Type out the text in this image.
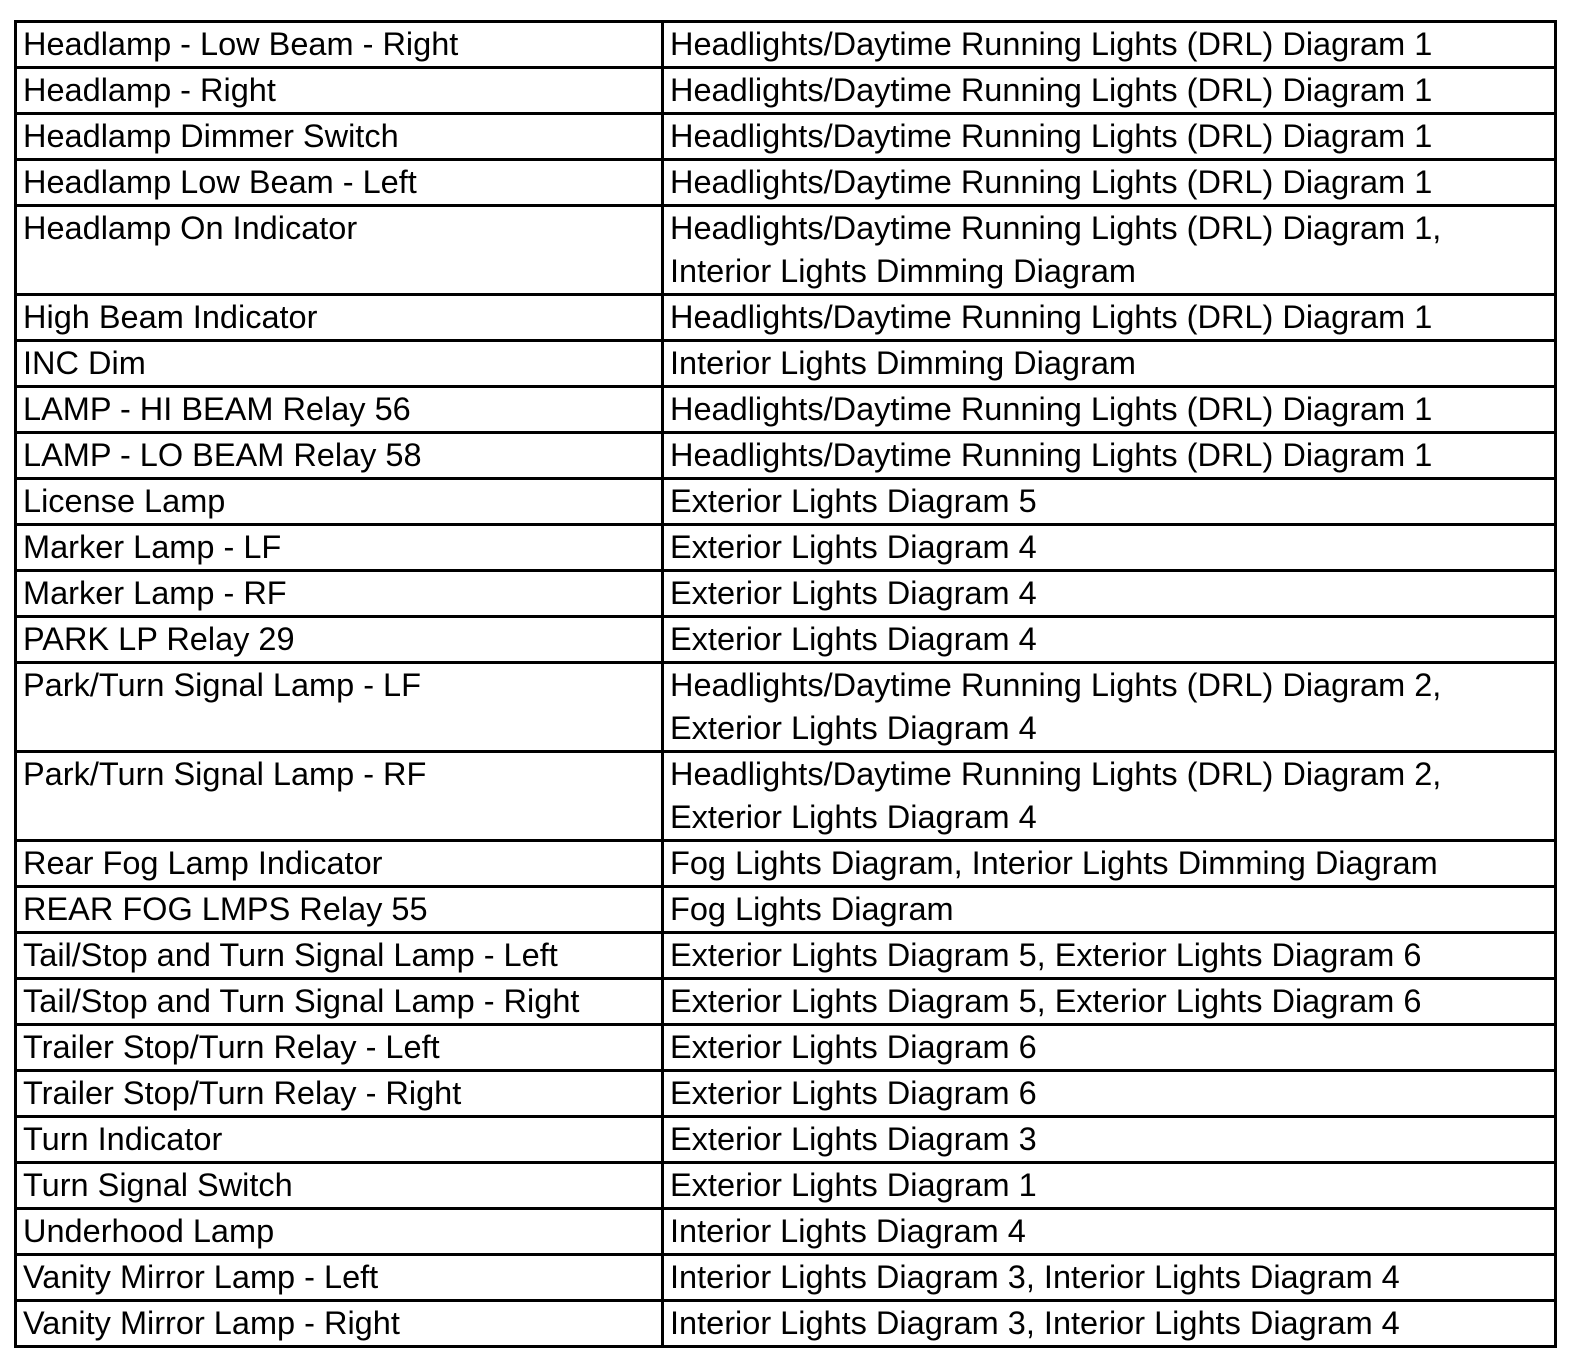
Headlamp - Low Beam - Right	Headlights/Daytime Running Lights (DRL) Diagram 1
Headlamp - Right	Headlights/Daytime Running Lights (DRL) Diagram 1
Headlamp Dimmer Switch	Headlights/Daytime Running Lights (DRL) Diagram 1
Headlamp Low Beam - Left	Headlights/Daytime Running Lights (DRL) Diagram 1
Headlamp On Indicator	Headlights/Daytime Running Lights (DRL) Diagram 1,
Interior Lights Dimming Diagram
High Beam Indicator	Headlights/Daytime Running Lights (DRL) Diagram 1
INC Dim	Interior Lights Dimming Diagram
LAMP - HI BEAM Relay 56	Headlights/Daytime Running Lights (DRL) Diagram 1
LAMP - LO BEAM Relay 58	Headlights/Daytime Running Lights (DRL) Diagram 1
License Lamp	Exterior Lights Diagram 5
Marker Lamp - LF	Exterior Lights Diagram 4
Marker Lamp - RF	Exterior Lights Diagram 4
PARK LP Relay 29	Exterior Lights Diagram 4
Park/Turn Signal Lamp - LF	Headlights/Daytime Running Lights (DRL) Diagram 2,
Exterior Lights Diagram 4
Park/Turn Signal Lamp - RF	Headlights/Daytime Running Lights (DRL) Diagram 2,
Exterior Lights Diagram 4
Rear Fog Lamp Indicator	Fog Lights Diagram, Interior Lights Dimming Diagram
REAR FOG LMPS Relay 55	Fog Lights Diagram
Tail/Stop and Turn Signal Lamp - Left	Exterior Lights Diagram 5, Exterior Lights Diagram 6
Tail/Stop and Turn Signal Lamp - Right	Exterior Lights Diagram 5, Exterior Lights Diagram 6
Trailer Stop/Turn Relay - Left	Exterior Lights Diagram 6
Trailer Stop/Turn Relay - Right	Exterior Lights Diagram 6
Turn Indicator	Exterior Lights Diagram 3
Turn Signal Switch	Exterior Lights Diagram 1
Underhood Lamp	Interior Lights Diagram 4
Vanity Mirror Lamp - Left	Interior Lights Diagram 3, Interior Lights Diagram 4
Vanity Mirror Lamp - Right	Interior Lights Diagram 3, Interior Lights Diagram 4
